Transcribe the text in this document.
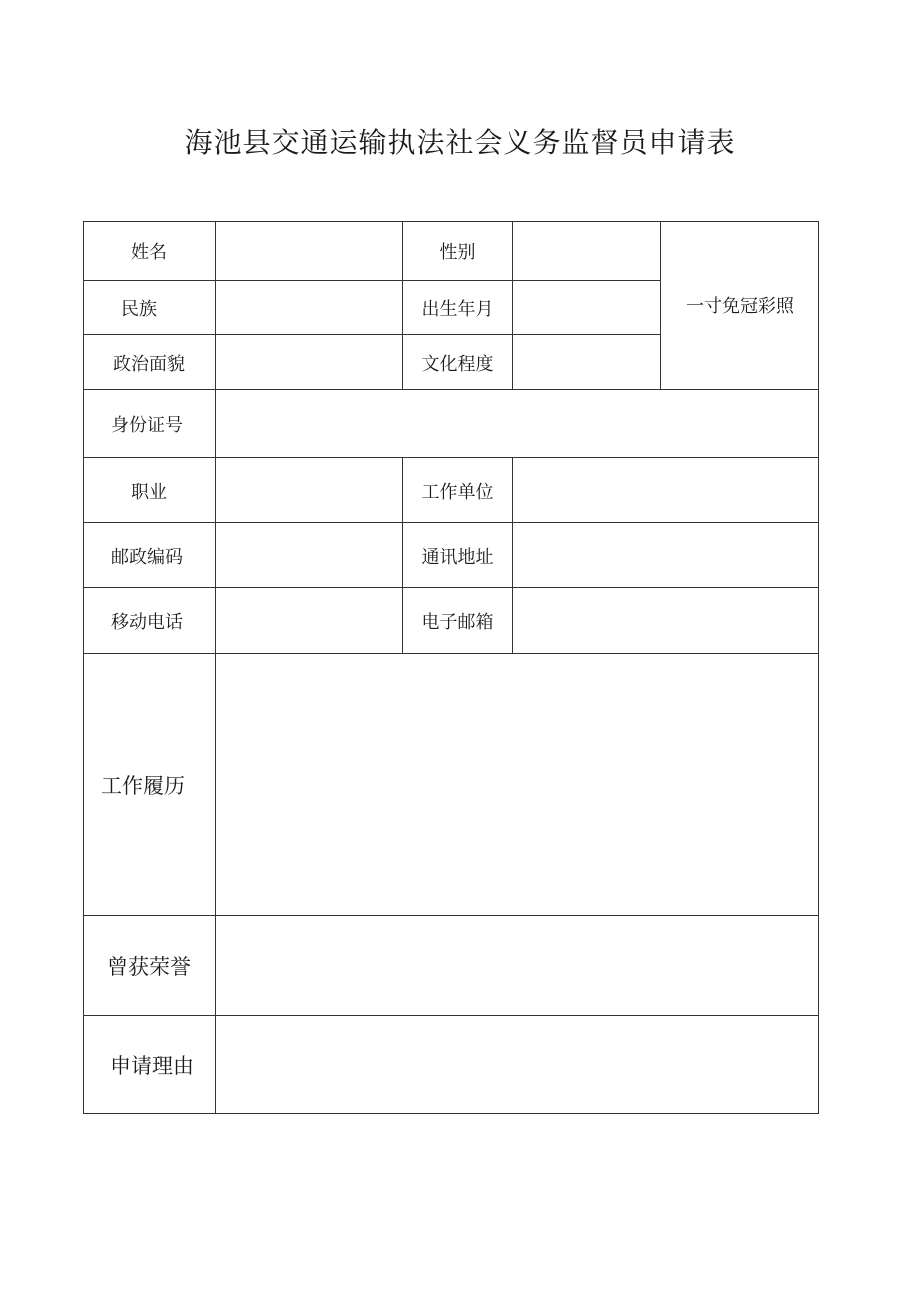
海池县交通运输执法社会义务监督员申请表
姓名	性别
一寸免冠彩照
民族	出生年月
政治面貌	文化程度
身份证号
职业	工作单位
邮政编码	通讯地址
移动电话	电子邮箱
工作履历
曾获荣誉
申请理由
